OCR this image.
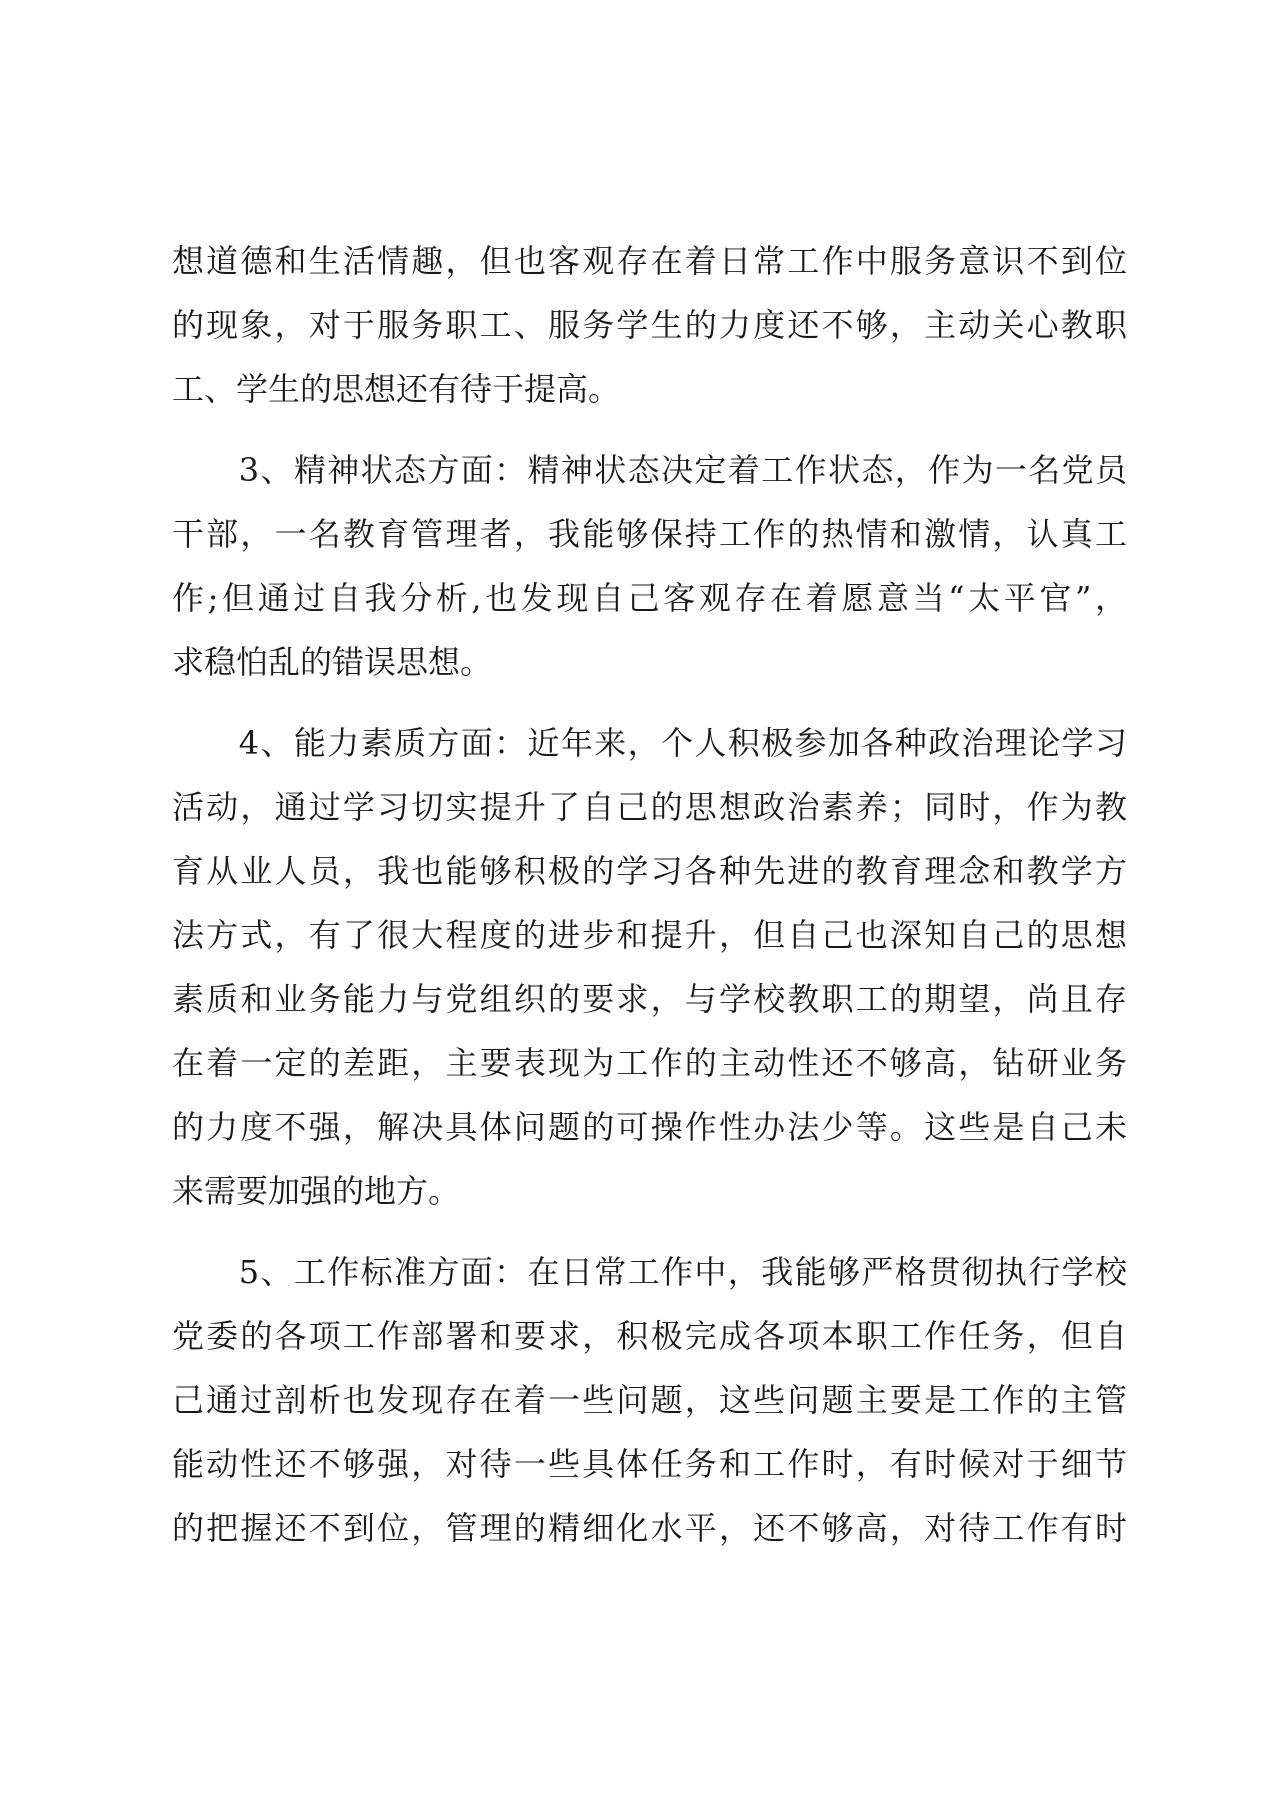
想道德和生活情趣，但也客观存在着日常工作中服务意识不到位
的现象，对于服务职工、服务学生的力度还不够，主动关心教职
工、学生的思想还有待于提高。
　　3、精神状态方面：精神状态决定着工作状态，作为一名党员
干部，一名教育管理者，我能够保持工作的热情和激情，认真工
作;但通过自我分析,也发现自己客观存在着愿意当“太平官”，
求稳怕乱的错误思想。
　　4、能力素质方面：近年来，个人积极参加各种政治理论学习
活动，通过学习切实提升了自己的思想政治素养；同时，作为教
育从业人员，我也能够积极的学习各种先进的教育理念和教学方
法方式，有了很大程度的进步和提升，但自己也深知自己的思想
素质和业务能力与党组织的要求，与学校教职工的期望，尚且存
在着一定的差距，主要表现为工作的主动性还不够高，钻研业务
的力度不强，解决具体问题的可操作性办法少等。这些是自己未
来需要加强的地方。
　　5、工作标准方面：在日常工作中，我能够严格贯彻执行学校
党委的各项工作部署和要求，积极完成各项本职工作任务，但自
己通过剖析也发现存在着一些问题，这些问题主要是工作的主管
能动性还不够强，对待一些具体任务和工作时，有时候对于细节
的把握还不到位，管理的精细化水平，还不够高，对待工作有时
